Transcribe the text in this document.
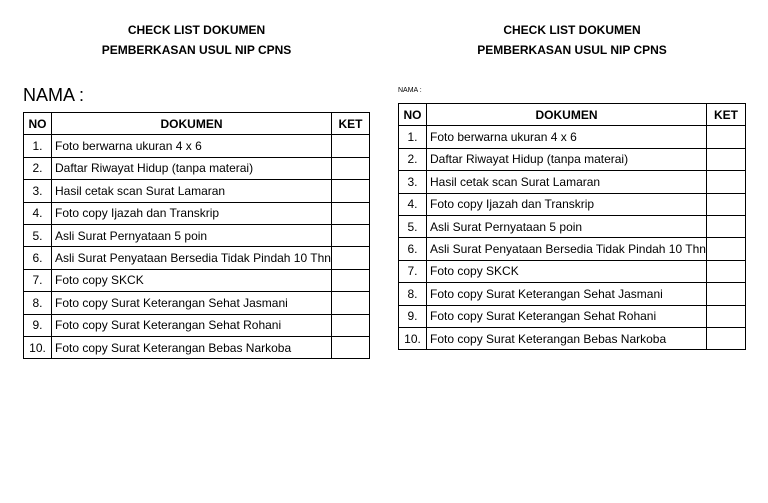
CHECK LIST DOKUMEN
PEMBERKASAN USUL NIP CPNS
NAMA :
NO	DOKUMEN	KET
1.	Foto berwarna ukuran 4 x 6	
2.	Daftar Riwayat Hidup (tanpa materai)	
3.	Hasil cetak scan Surat Lamaran	
4.	Foto copy Ijazah dan Transkrip	
5.	Asli Surat Pernyataan 5 poin	
6.	Asli Surat Penyataan Bersedia Tidak Pindah 10 Thn	
7.	Foto copy SKCK	
8.	Foto copy Surat Keterangan Sehat Jasmani	
9.	Foto copy Surat Keterangan Sehat Rohani	
10.	Foto copy Surat Keterangan Bebas Narkoba	
CHECK LIST DOKUMEN
PEMBERKASAN USUL NIP CPNS
NAMA :
NO	DOKUMEN	KET
1.	Foto berwarna ukuran 4 x 6	
2.	Daftar Riwayat Hidup (tanpa materai)	
3.	Hasil cetak scan Surat Lamaran	
4.	Foto copy Ijazah dan Transkrip	
5.	Asli Surat Pernyataan 5 poin	
6.	Asli Surat Penyataan Bersedia Tidak Pindah 10 Thn	
7.	Foto copy SKCK	
8.	Foto copy Surat Keterangan Sehat Jasmani	
9.	Foto copy Surat Keterangan Sehat Rohani	
10.	Foto copy Surat Keterangan Bebas Narkoba	
